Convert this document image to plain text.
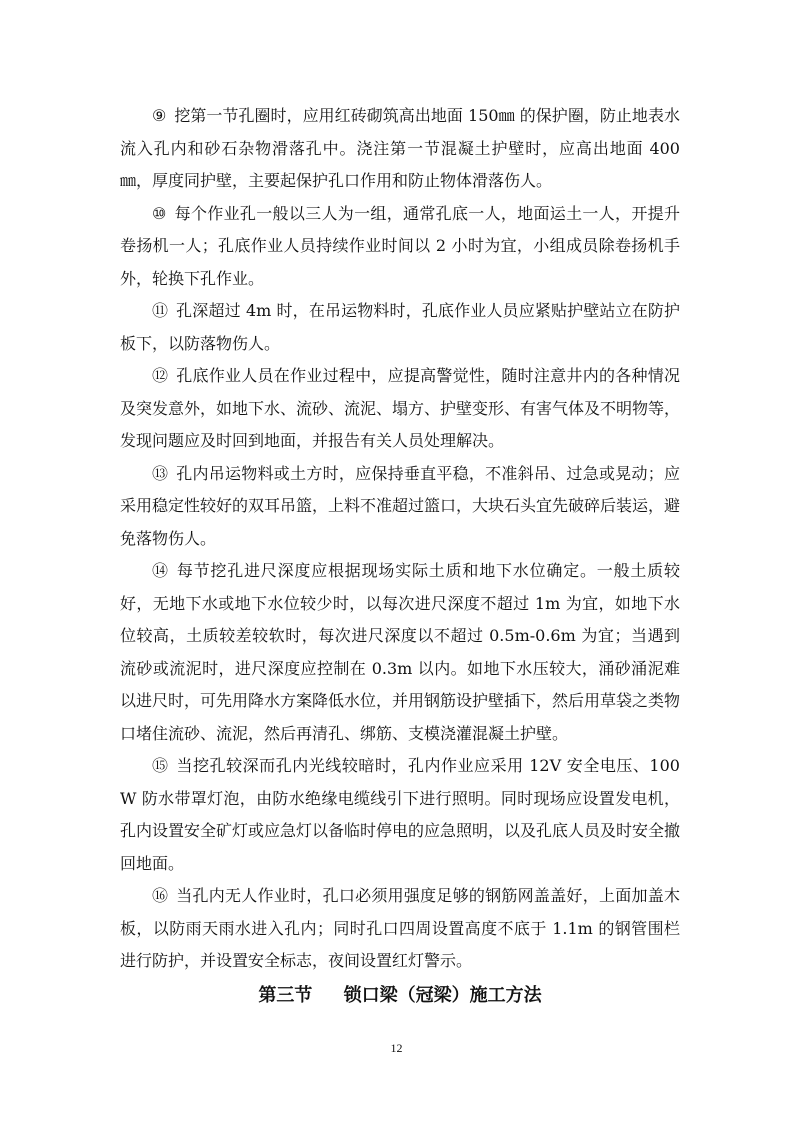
⑨ 挖第一节孔圈时，应用红砖砌筑高出地面 150㎜ 的保护圈，防止地表水流入孔内和砂石杂物滑落孔中。浇注第一节混凝土护壁时，应高出地面 400㎜，厚度同护壁，主要起保护孔口作用和防止物体滑落伤人。

⑩ 每个作业孔一般以三人为一组，通常孔底一人，地面运土一人，开提升卷扬机一人；孔底作业人员持续作业时间以 2 小时为宜，小组成员除卷扬机手外，轮换下孔作业。

⑪ 孔深超过 4m 时，在吊运物料时，孔底作业人员应紧贴护壁站立在防护板下，以防落物伤人。

⑫ 孔底作业人员在作业过程中，应提高警觉性，随时注意井内的各种情况及突发意外，如地下水、流砂、流泥、塌方、护壁变形、有害气体及不明物等，发现问题应及时回到地面，并报告有关人员处理解决。

⑬ 孔内吊运物料或土方时，应保持垂直平稳，不准斜吊、过急或晃动；应采用稳定性较好的双耳吊篮，上料不准超过篮口，大块石头宜先破碎后装运，避免落物伤人。

⑭ 每节挖孔进尺深度应根据现场实际土质和地下水位确定。一般土质较好，无地下水或地下水位较少时，以每次进尺深度不超过 1m 为宜，如地下水位较高，土质较差较软时，每次进尺深度以不超过 0.5m-0.6m 为宜；当遇到流砂或流泥时，进尺深度应控制在 0.3m 以内。如地下水压较大，涌砂涌泥难以进尺时，可先用降水方案降低水位，并用钢筋设护壁插下，然后用草袋之类物口堵住流砂、流泥，然后再清孔、绑筋、支模浇灌混凝土护壁。

⑮ 当挖孔较深而孔内光线较暗时，孔内作业应采用 12V 安全电压、100W 防水带罩灯泡，由防水绝缘电缆线引下进行照明。同时现场应设置发电机，孔内设置安全矿灯或应急灯以备临时停电的应急照明，以及孔底人员及时安全撤回地面。

⑯ 当孔内无人作业时，孔口必须用强度足够的钢筋网盖盖好，上面加盖木板，以防雨天雨水进入孔内；同时孔口四周设置高度不底于 1.1m 的钢管围栏进行防护，并设置安全标志，夜间设置红灯警示。

第三节     锁口梁（冠梁）施工方法
12
